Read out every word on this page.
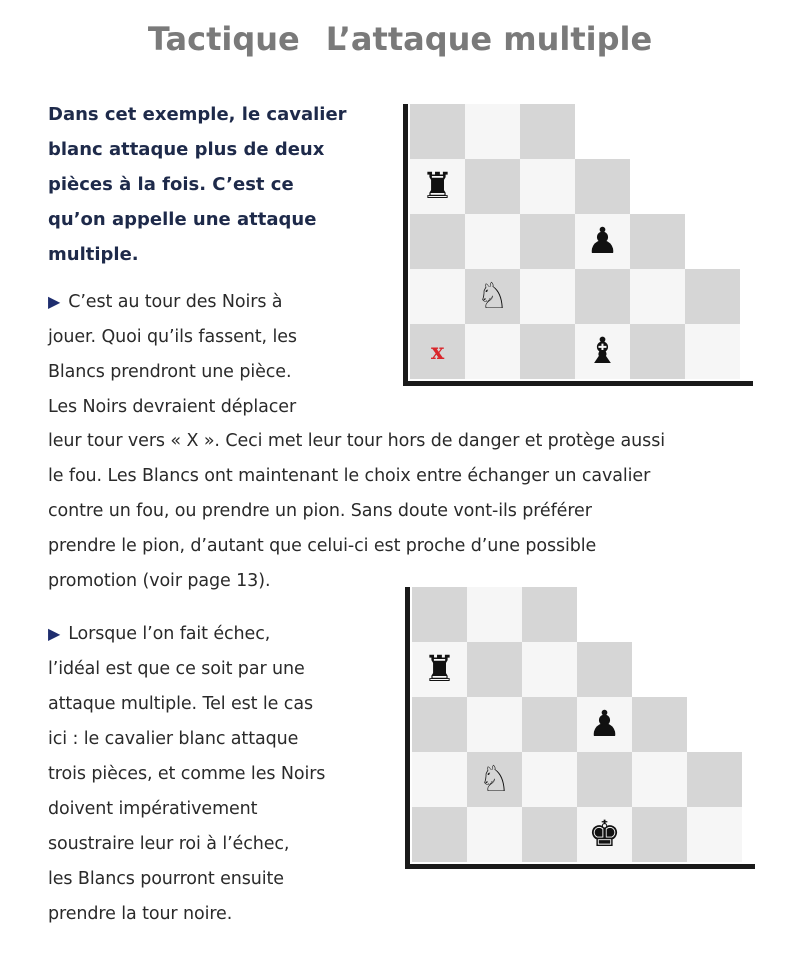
Tactique L’attaque multiple
Dans cet exemple, le cavalier
blanc attaque plus de deux
pièces à la fois. C’est ce
qu’on appelle une attaque
multiple.
▶ C’est au tour des Noirs à
jouer. Quoi qu’ils fassent, les
Blancs prendront une pièce.
Les Noirs devraient déplacer
leur tour vers « X ». Ceci met leur tour hors de danger et protège aussi
le fou. Les Blancs ont maintenant le choix entre échanger un cavalier
contre un fou, ou prendre un pion. Sans doute vont-ils préférer
prendre le pion, d’autant que celui-ci est proche d’une possible
promotion (voir page 13).
▶ Lorsque l’on fait échec,
l’idéal est que ce soit par une
attaque multiple. Tel est le cas
ici : le cavalier blanc attaque
trois pièces, et comme les Noirs
doivent impérativement
soustraire leur roi à l’échec,
les Blancs pourront ensuite
prendre la tour noire.
♜
♟
♘
x	♝
♜
♟
♘
♚
